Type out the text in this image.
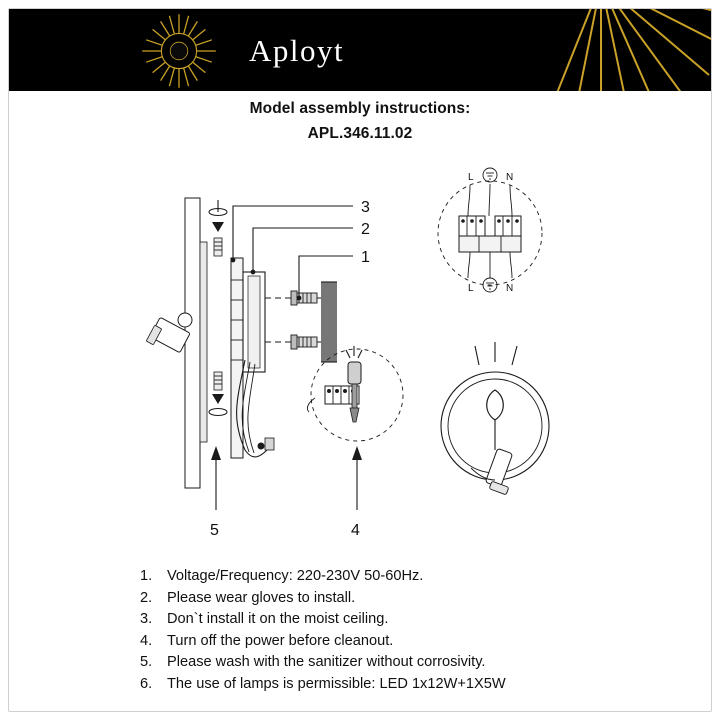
Aployt
Model assembly instructions:
APL.346.11.02
L	N
L	N
3
2
1
5	4
1.	Voltage/Frequency: 220-230V 50-60Hz.
2.	Please wear gloves to install.
3.	Don`t install it on the moist ceiling.
4.	Turn off the power before cleanout.
5.	Please wash with the sanitizer without corrosivity.
6.	The use of lamps is permissible: LED 1x12W+1X5W
